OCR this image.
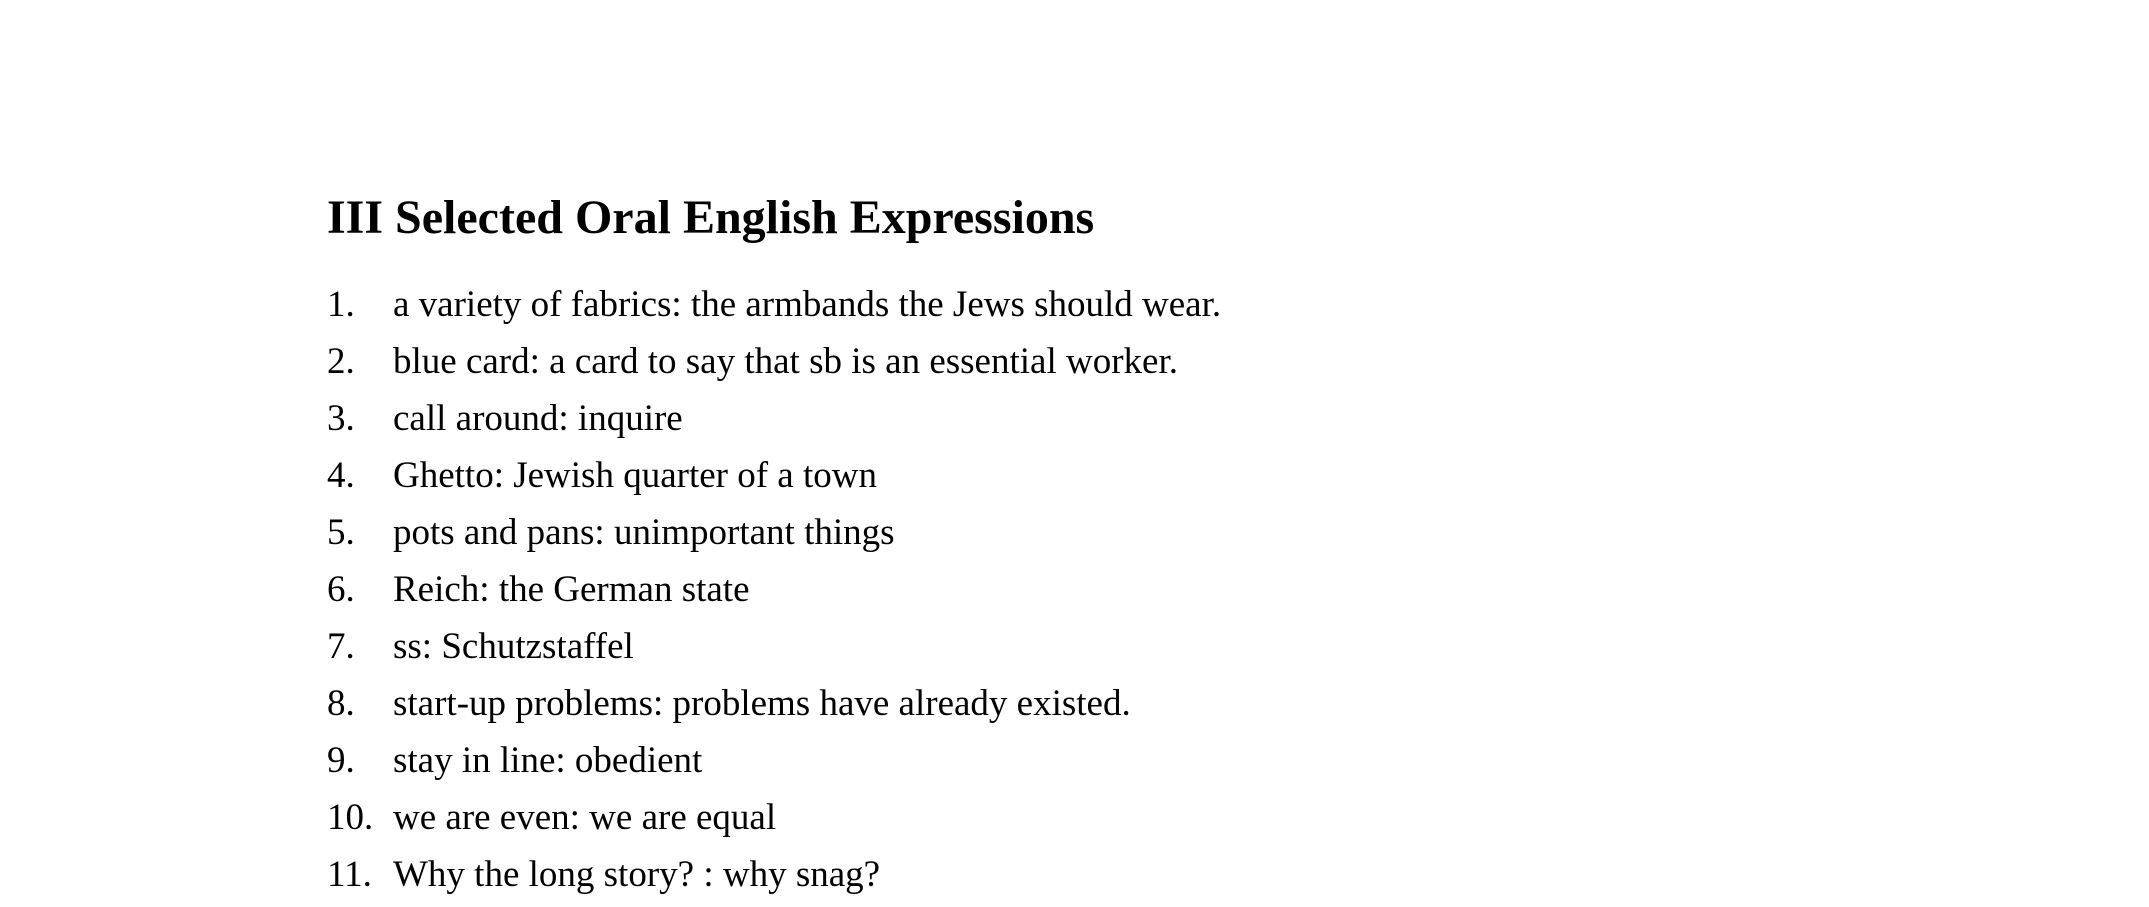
III Selected Oral English Expressions
1. a variety of fabrics: the armbands the Jews should wear.
2. blue card: a card to say that sb is an essential worker.
3. call around: inquire
4. Ghetto: Jewish quarter of a town
5. pots and pans: unimportant things
6. Reich: the German state
7. ss: Schutzstaffel
8. start-up problems: problems have already existed.
9. stay in line: obedient
10. we are even: we are equal
11. Why the long story? : why snag?
